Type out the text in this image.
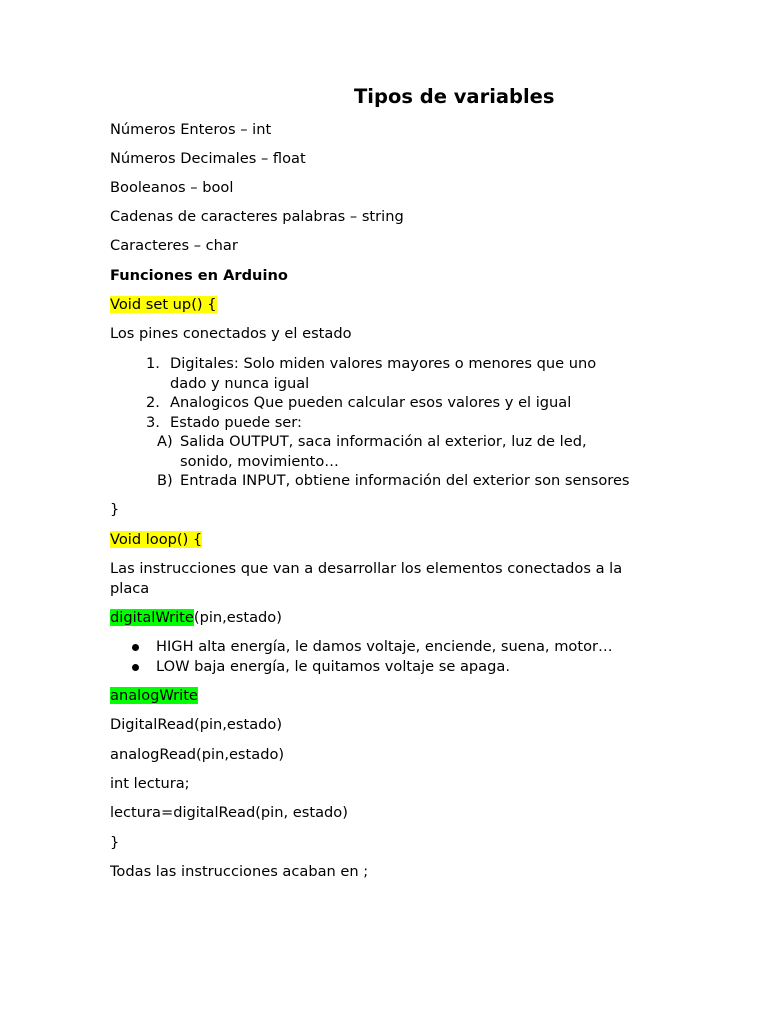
Tipos de variables
Números Enteros – int
Números Decimales – float
Booleanos – bool
Cadenas de caracteres palabras – string
Caracteres – char
Funciones en Arduino
Void set up() {
Los pines conectados y el estado
1. Digitales: Solo miden valores mayores o menores que uno
dado y nunca igual
2. Analogicos Que pueden calcular esos valores y el igual
3. Estado puede ser:
A) Salida OUTPUT, saca información al exterior, luz de led,
sonido, movimiento…
B) Entrada INPUT, obtiene información del exterior son sensores
}
Void loop() {
Las instrucciones que van a desarrollar los elementos conectados a la
placa
digitalWrite(pin,estado)
HIGH alta energía, le damos voltaje, enciende, suena, motor…
LOW baja energía, le quitamos voltaje se apaga.
analogWrite
DigitalRead(pin,estado)
analogRead(pin,estado)
int lectura;
lectura=digitalRead(pin, estado)
}
Todas las instrucciones acaban en ;
